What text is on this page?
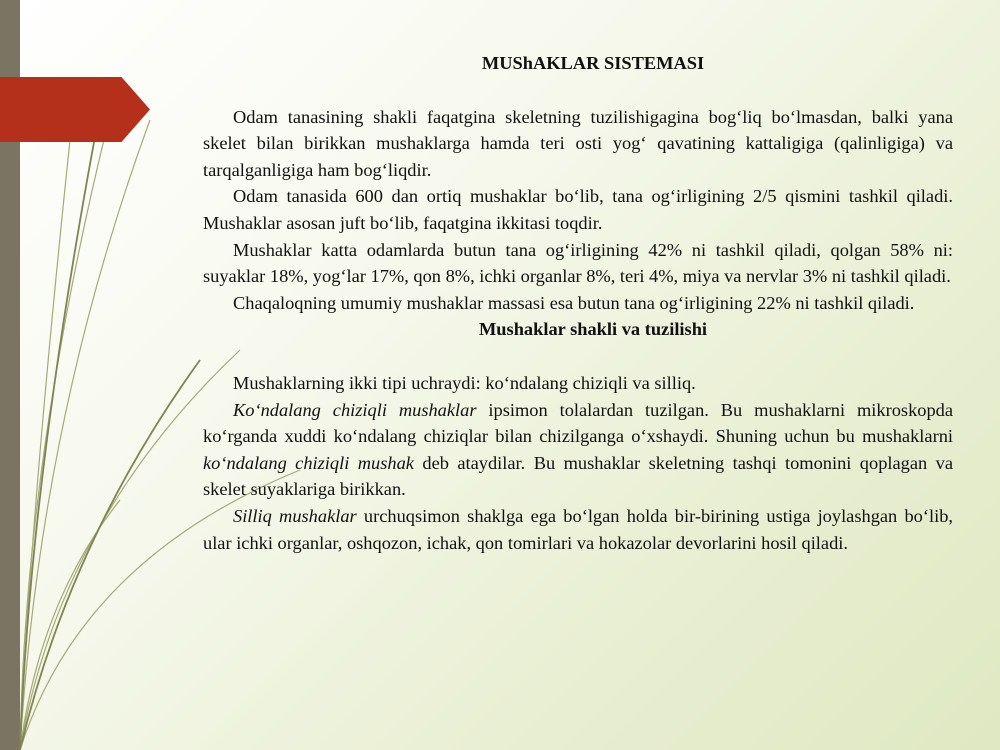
MUShAKLAR SISTEMASI

Odam tanasining shakli faqatgina skeletning tuzilishigagina bog‘liq bo‘lmasdan, balki yana skelet bilan birikkan mushaklarga hamda teri osti yog‘ qavatining kattaligiga (qalinligiga) va tarqalganligiga ham bog‘liqdir.

Odam tanasida 600 dan ortiq mushaklar bo‘lib, tana og‘irligining 2/5 qismini tashkil qiladi. Mushaklar asosan juft bo‘lib, faqatgina ikkitasi toqdir.

Mushaklar katta odamlarda butun tana og‘irligining 42% ni tashkil qiladi, qolgan 58% ni: suyaklar 18%, yog‘lar 17%, qon 8%, ichki organlar 8%, teri 4%, miya va nervlar 3% ni tashkil qiladi.

Chaqaloqning umumiy mushaklar massasi esa butun tana og‘irligining 22% ni tashkil qiladi.

Mushaklar shakli va tuzilishi

Mushaklarning ikki tipi uchraydi: ko‘ndalang chiziqli va silliq.

Ko‘ndalang chiziqli mushaklar ipsimon tolalardan tuzilgan. Bu mushaklarni mikroskopda ko‘rganda xuddi ko‘ndalang chiziqlar bilan chizilganga o‘xshaydi. Shuning uchun bu mushaklarni ko‘ndalang chiziqli mushak deb ataydilar. Bu mushaklar skeletning tashqi tomonini qoplagan va skelet suyaklariga birikkan.

Silliq mushaklar urchuqsimon shaklga ega bo‘lgan holda bir-birining ustiga joylashgan bo‘lib, ular ichki organlar, oshqozon, ichak, qon tomirlari va hokazolar devorlarini hosil qiladi.
